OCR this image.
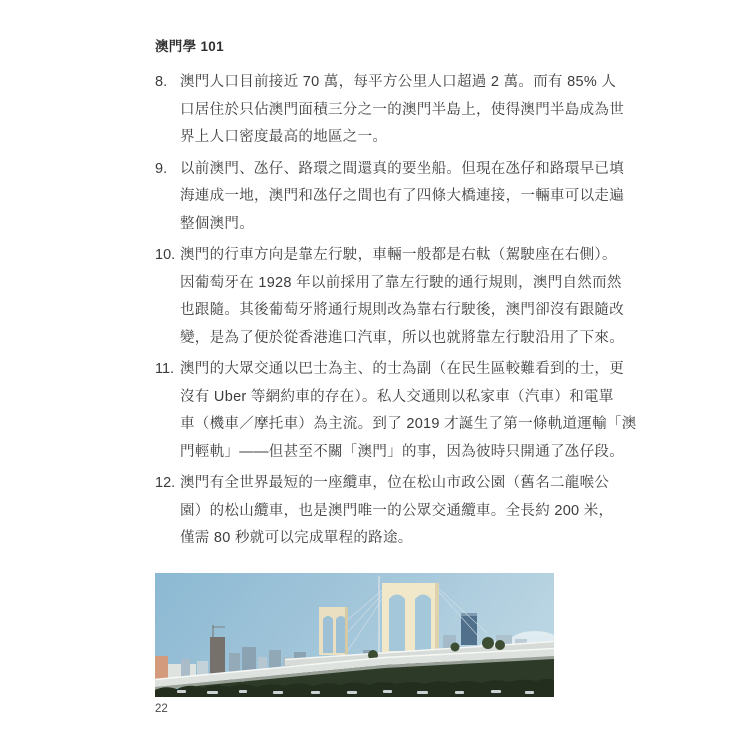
澳門學 101
8. 澳門人口目前接近 70 萬，每平方公里人口超過 2 萬。而有 85% 人
口居住於只佔澳門面積三分之一的澳門半島上，使得澳門半島成為世
界上人口密度最高的地區之一。
9. 以前澳門、氹仔、路環之間還真的要坐船。但現在氹仔和路環早已填
海連成一地，澳門和氹仔之間也有了四條大橋連接，一輛車可以走遍
整個澳門。
10. 澳門的行車方向是靠左行駛，車輛一般都是右軚（駕駛座在右側）。
因葡萄牙在 1928 年以前採用了靠左行駛的通行規則，澳門自然而然
也跟隨。其後葡萄牙將通行規則改為靠右行駛後，澳門卻沒有跟隨改
變，是為了便於從香港進口汽車，所以也就將靠左行駛沿用了下來。
11. 澳門的大眾交通以巴士為主、的士為副（在民生區較難看到的士，更
沒有 Uber 等網約車的存在）。私人交通則以私家車（汽車）和電單
車（機車／摩托車）為主流。到了 2019 才誕生了第一條軌道運輸「澳
門輕軌」——但甚至不關「澳門」的事，因為彼時只開通了氹仔段。
12. 澳門有全世界最短的一座纜車，位在松山市政公園（舊名二龍喉公
園）的松山纜車，也是澳門唯一的公眾交通纜車。全長約 200 米，
僅需 80 秒就可以完成單程的路途。
22
